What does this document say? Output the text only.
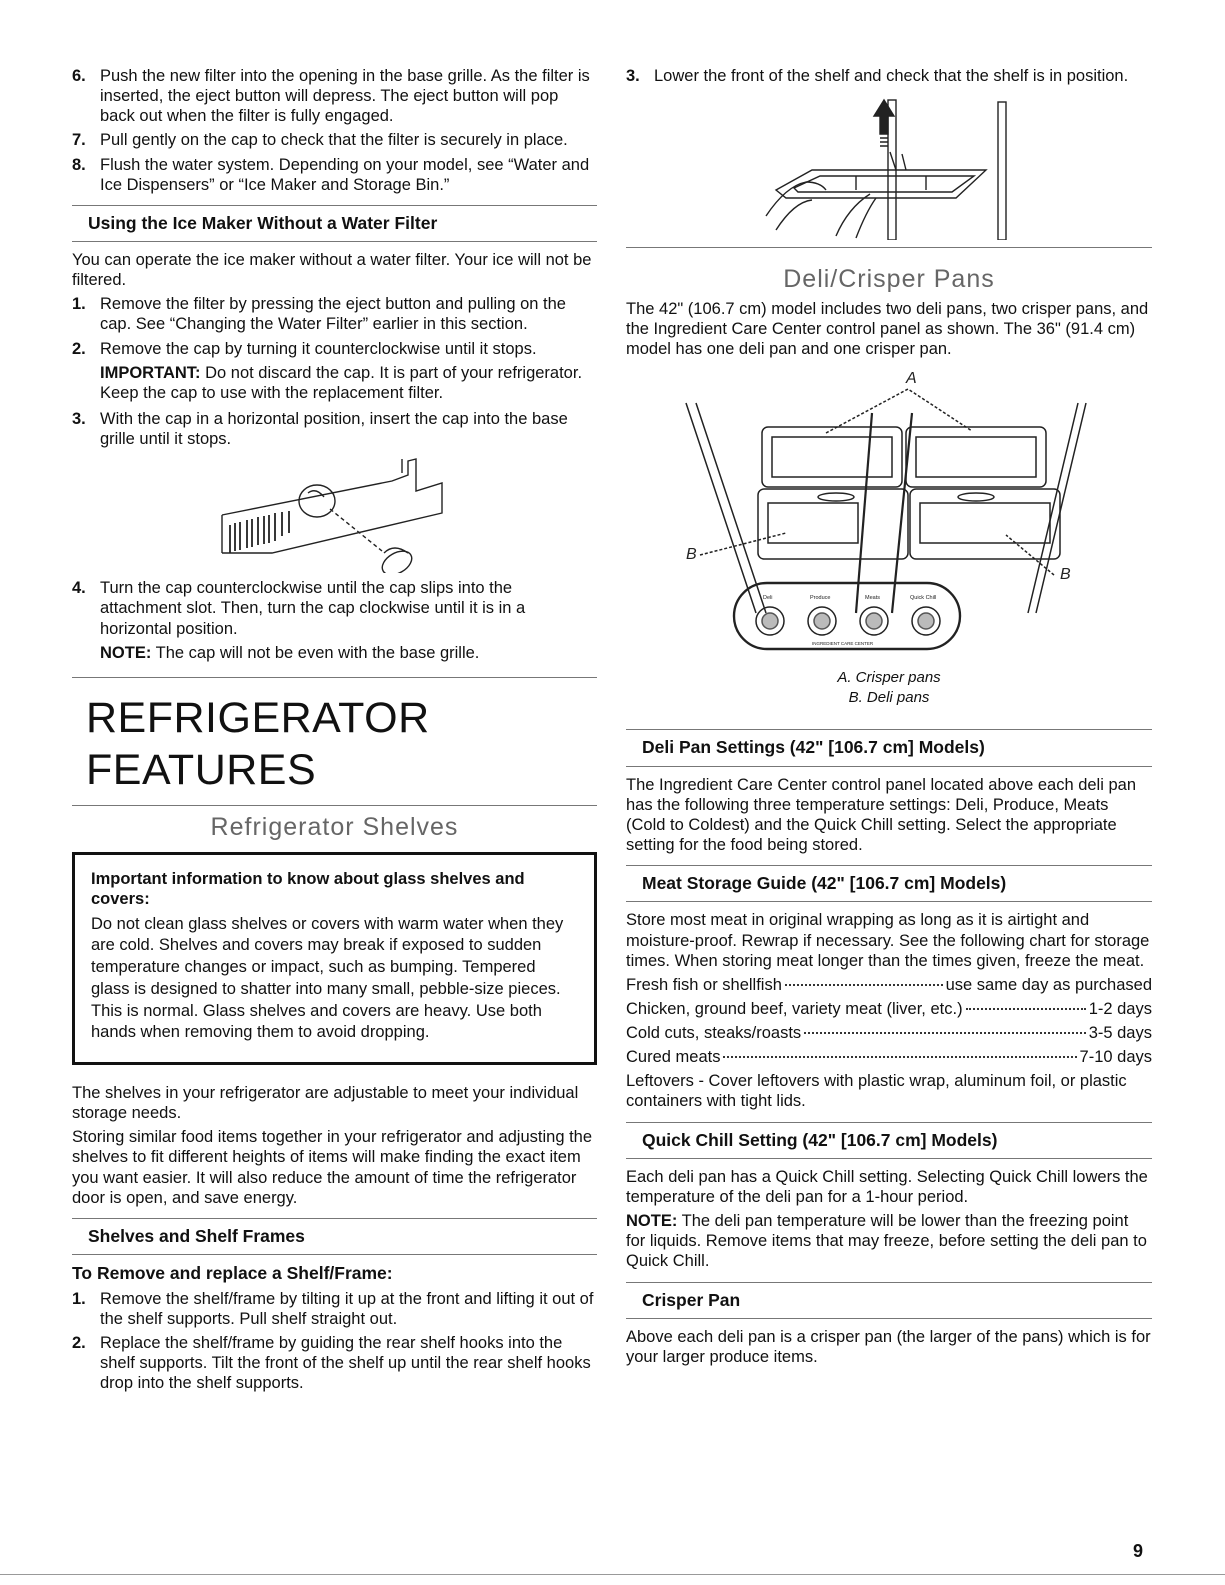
6. Push the new filter into the opening in the base grille. As the filter is inserted, the eject button will depress. The eject button will pop back out when the filter is fully engaged.
7. Pull gently on the cap to check that the filter is securely in place.
8. Flush the water system. Depending on your model, see “Water and Ice Dispensers” or “Ice Maker and Storage Bin.”
Using the Ice Maker Without a Water Filter
You can operate the ice maker without a water filter. Your ice will not be filtered.
1. Remove the filter by pressing the eject button and pulling on the cap. See “Changing the Water Filter” earlier in this section.
2. Remove the cap by turning it counterclockwise until it stops.
IMPORTANT: Do not discard the cap. It is part of your refrigerator. Keep the cap to use with the replacement filter.
3. With the cap in a horizontal position, insert the cap into the base grille until it stops.
4. Turn the cap counterclockwise until the cap slips into the attachment slot. Then, turn the cap clockwise until it is in a horizontal position.
NOTE: The cap will not be even with the base grille.
REFRIGERATOR FEATURES
Refrigerator Shelves
Important information to know about glass shelves and covers:
Do not clean glass shelves or covers with warm water when they are cold. Shelves and covers may break if exposed to sudden temperature changes or impact, such as bumping. Tempered glass is designed to shatter into many small, pebble-size pieces. This is normal. Glass shelves and covers are heavy. Use both hands when removing them to avoid dropping.
The shelves in your refrigerator are adjustable to meet your individual storage needs.
Storing similar food items together in your refrigerator and adjusting the shelves to fit different heights of items will make finding the exact item you want easier. It will also reduce the amount of time the refrigerator door is open, and save energy.
Shelves and Shelf Frames
To Remove and replace a Shelf/Frame:
1. Remove the shelf/frame by tilting it up at the front and lifting it out of the shelf supports. Pull shelf straight out.
2. Replace the shelf/frame by guiding the rear shelf hooks into the shelf supports. Tilt the front of the shelf up until the rear shelf hooks drop into the shelf supports.
3. Lower the front of the shelf and check that the shelf is in position.
Deli/Crisper Pans
The 42" (106.7 cm) model includes two deli pans, two crisper pans, and the Ingredient Care Center control panel as shown. The 36" (91.4 cm) model has one deli pan and one crisper pan.
A
B
B
Deli	Produce	Meats	Quick Chill
INGREDIENT CARE CENTER
A. Crisper pans
B. Deli pans
Deli Pan Settings (42" [106.7 cm] Models)
The Ingredient Care Center control panel located above each deli pan has the following three temperature settings: Deli, Produce, Meats (Cold to Coldest) and the Quick Chill setting. Select the appropriate setting for the food being stored.
Meat Storage Guide (42" [106.7 cm] Models)
Store most meat in original wrapping as long as it is airtight and moisture-proof. Rewrap if necessary. See the following chart for storage times. When storing meat longer than the times given, freeze the meat.
Fresh fish or shellfish	use same day as purchased
Chicken, ground beef, variety meat (liver, etc.)	1-2 days
Cold cuts, steaks/roasts	3-5 days
Cured meats	7-10 days
Leftovers - Cover leftovers with plastic wrap, aluminum foil, or plastic containers with tight lids.
Quick Chill Setting (42" [106.7 cm] Models)
Each deli pan has a Quick Chill setting. Selecting Quick Chill lowers the temperature of the deli pan for a 1-hour period.
NOTE: The deli pan temperature will be lower than the freezing point for liquids. Remove items that may freeze, before setting the deli pan to Quick Chill.
Crisper Pan
Above each deli pan is a crisper pan (the larger of the pans) which is for your larger produce items.
9
